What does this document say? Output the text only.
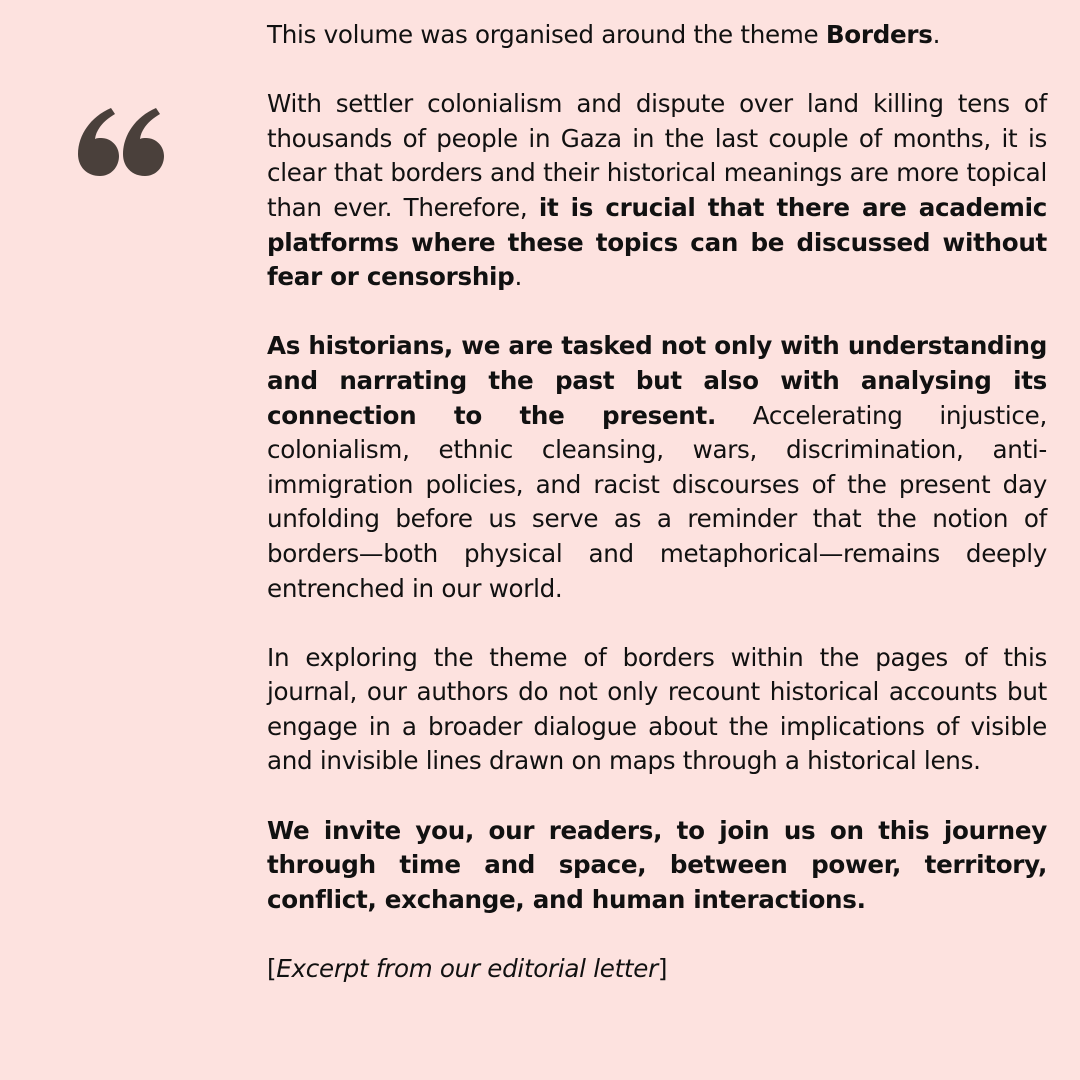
This volume was organised around the theme Borders.

With settler colonialism and dispute over land killing tens of thousands of people in Gaza in the last couple of months, it is clear that borders and their historical meanings are more topical than ever. Therefore, it is crucial that there are academic platforms where these topics can be discussed without fear or censorship.

As historians, we are tasked not only with understanding and narrating the past but also with analysing its connection to the present. Accelerating injustice, colonialism, ethnic cleansing, wars, discrimination, anti-immigration policies, and racist discourses of the present day unfolding before us serve as a reminder that the notion of borders—both physical and metaphorical—remains deeply entrenched in our world.

In exploring the theme of borders within the pages of this journal, our authors do not only recount historical accounts but engage in a broader dialogue about the implications of visible and invisible lines drawn on maps through a historical lens.

We invite you, our readers, to join us on this journey through time and space, between power, territory, conflict, exchange, and human interactions.

[Excerpt from our editorial letter]
